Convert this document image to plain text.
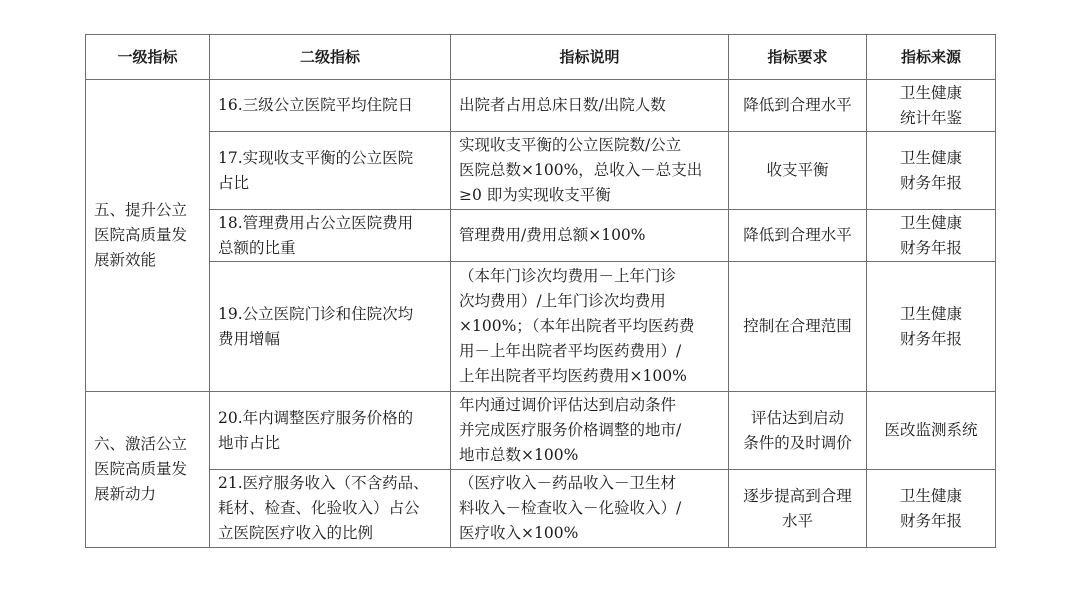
一级指标	二级指标	指标说明	指标要求	指标来源

五、提升公立
医院高质量发
展新效能	16.三级公立医院平均住院日	出院者占用总床日数/出院人数	降低到合理水平	卫生健康
统计年鉴

	17.实现收支平衡的公立医院
占比	实现收支平衡的公立医院数/公立
医院总数×100%，总收入－总支出
≥0 即为实现收支平衡	收支平衡	卫生健康
财务年报

	18.管理费用占公立医院费用
总额的比重	管理费用/费用总额×100%	降低到合理水平	卫生健康
财务年报

	19.公立医院门诊和住院次均
费用增幅	（本年门诊次均费用－上年门诊
次均费用）/上年门诊次均费用
×100%；（本年出院者平均医药费
用－上年出院者平均医药费用）/
上年出院者平均医药费用×100%	控制在合理范围	卫生健康
财务年报

六、激活公立
医院高质量发
展新动力	20.年内调整医疗服务价格的
地市占比	年内通过调价评估达到启动条件
并完成医疗服务价格调整的地市/
地市总数×100%	评估达到启动
条件的及时调价	医改监测系统

	21.医疗服务收入（不含药品、
耗材、检查、化验收入）占公
立医院医疗收入的比例	（医疗收入－药品收入－卫生材
料收入－检查收入－化验收入）/
医疗收入×100%	逐步提高到合理
水平	卫生健康
财务年报
